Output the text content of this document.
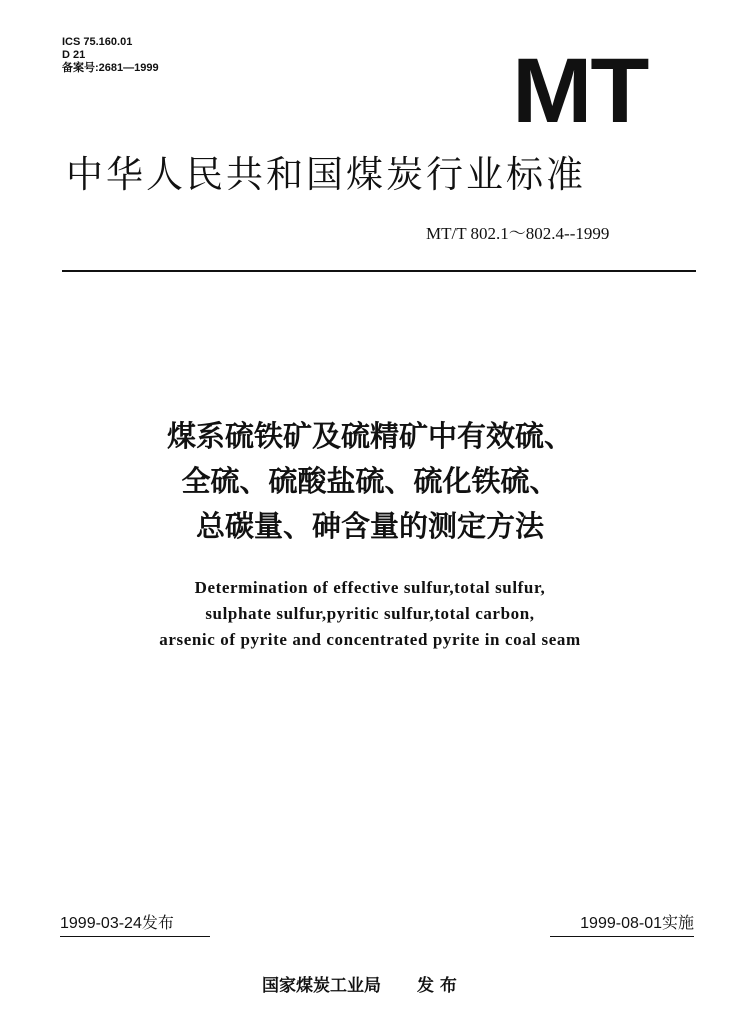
ICS 75.160.01
D 21
备案号:2681—1999	MT
中华人民共和国煤炭行业标准
MT/T 802.1～802.4--1999
煤系硫铁矿及硫精矿中有效硫、
全硫、硫酸盐硫、硫化铁硫、
总碳量、砷含量的测定方法
Determination of effective sulfur,total sulfur,
sulphate sulfur,pyritic sulfur,total carbon,
arsenic of pyrite and concentrated pyrite in coal seam
1999-03-24发布	1999-08-01实施
国家煤炭工业局 发 布
